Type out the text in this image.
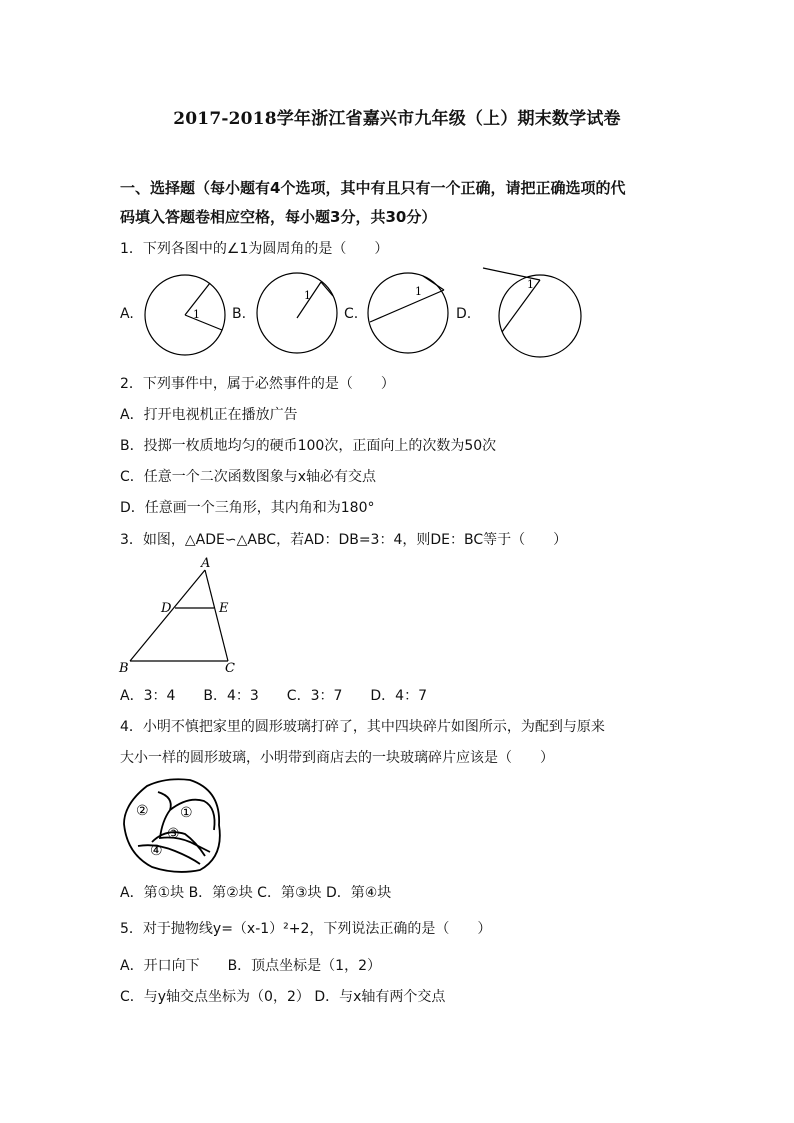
2017-2018学年浙江省嘉兴市九年级（上）期末数学试卷
一、选择题（每小题有4个选项，其中有且只有一个正确，请把正确选项的代
码填入答题卷相应空格，每小题3分，共30分）
1．下列各图中的∠1为圆周角的是（　　）
A.	B.	C.	D.
1
1	1
1
A
D	E
B	C
② ①
③
④
2．下列事件中，属于必然事件的是（　　）
A．打开电视机正在播放广告
B．投掷一枚质地均匀的硬币100次，正面向上的次数为50次
C．任意一个二次函数图象与x轴必有交点
D．任意画一个三角形，其内角和为180°
3．如图，△ADE∽△ABC，若AD：DB=3：4，则DE：BC等于（　　）
A．3：4　　B．4：3　　C．3：7　　D．4：7
4．小明不慎把家里的圆形玻璃打碎了，其中四块碎片如图所示，为配到与原来
大小一样的圆形玻璃，小明带到商店去的一块玻璃碎片应该是（　　）
A．第①块 B．第②块 C．第③块 D．第④块
5．对于抛物线y=（x-1）²+2，下列说法正确的是（　　）
A．开口向下　　B．顶点坐标是（1，2）
C．与y轴交点坐标为（0，2） D．与x轴有两个交点
